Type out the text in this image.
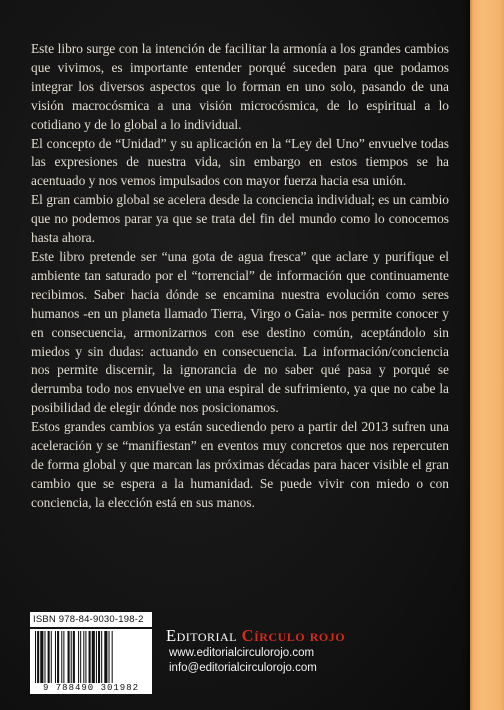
Este libro surge con la intención de facilitar la armonía a los grandes cambios que vivimos, es importante entender porqué suceden para que podamos integrar los diversos aspectos que lo forman en uno solo, pasando de una visión macrocósmica a una visión microcósmica, de lo espiritual a lo cotidiano y de lo global a lo individual.

El concepto de “Unidad” y su aplicación en la “Ley del Uno” envuelve todas las expresiones de nuestra vida, sin embargo en estos tiempos se ha acentuado y nos vemos impulsados con mayor fuerza hacia esa unión.

El gran cambio global se acelera desde la conciencia individual; es un cambio que no podemos parar ya que se trata del fin del mundo como lo conocemos hasta ahora.

Este libro pretende ser “una gota de agua fresca” que aclare y purifique el ambiente tan saturado por el “torrencial” de información que continuamente recibimos. Saber hacia dónde se encamina nuestra evolución como seres humanos -en un planeta llamado Tierra, Virgo o Gaia- nos permite conocer y en consecuencia, armonizarnos con ese destino común, aceptándolo sin miedos y sin dudas: actuando en consecuencia. La información/conciencia nos permite discernir, la ignorancia de no saber qué pasa y porqué se derrumba todo nos envuelve en una espiral de sufrimiento, ya que no cabe la posibilidad de elegir dónde nos posicionamos.

Estos grandes cambios ya están sucediendo pero a partir del 2013 sufren una aceleración y se “manifiestan” en eventos muy concretos que nos repercuten de forma global y que marcan las próximas décadas para hacer visible el gran cambio que se espera a la humanidad. Se puede vivir con miedo o con conciencia, la elección está en sus manos.

ISBN 978-84-9030-198-2
9 788490 301982
Editorial Círculo rojo
www.editorialcirculorojo.com
info@editorialcirculorojo.com
